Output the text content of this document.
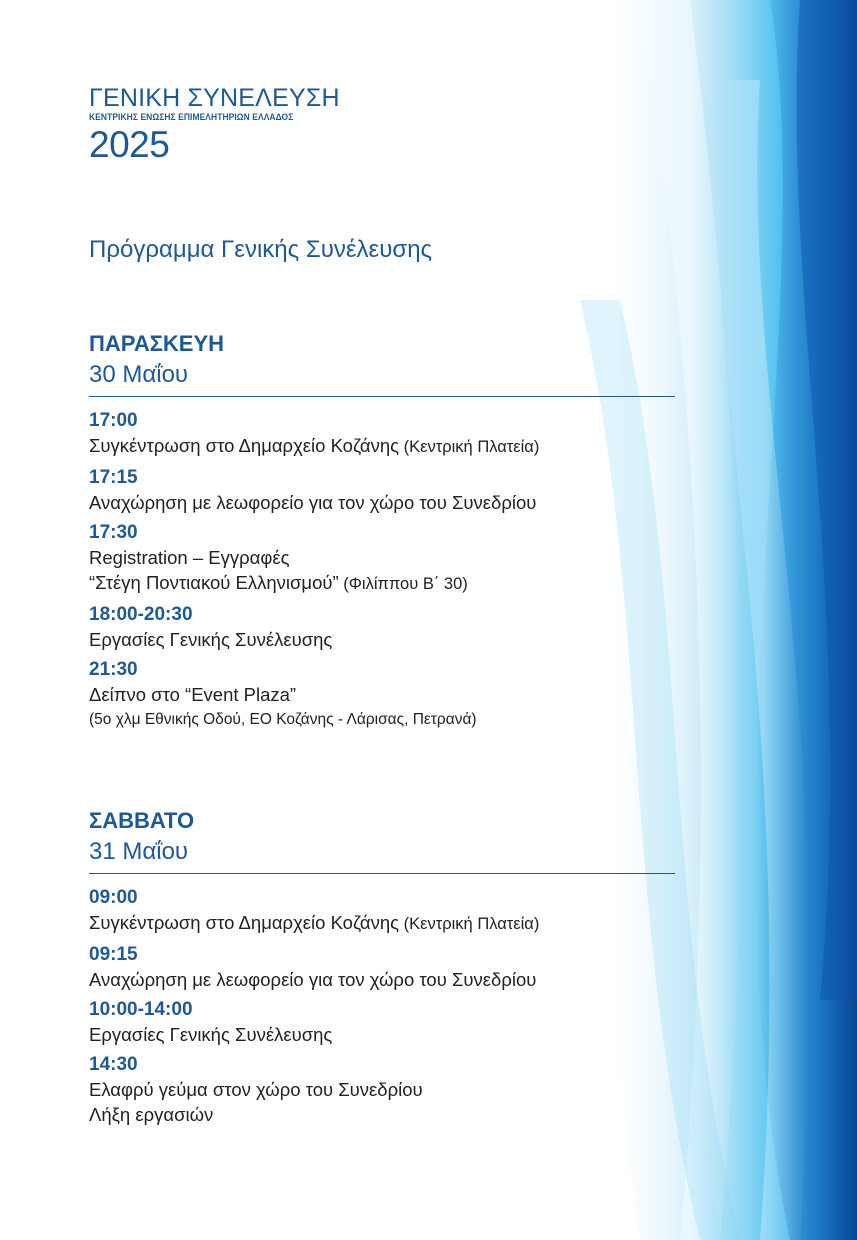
ΓΕΝΙΚΗ ΣΥΝΕΛΕΥΣΗ
ΚΕΝΤΡΙΚΗΣ ΕΝΩΣΗΣ ΕΠΙΜΕΛΗΤΗΡΙΩΝ ΕΛΛΑΔΟΣ
2025
Πρόγραμμα Γενικής Συνέλευσης
ΠΑΡΑΣΚΕΥΗ
30 Μαΐου
17:00
Συγκέντρωση στο Δημαρχείο Κοζάνης (Κεντρική Πλατεία)
17:15
Αναχώρηση με λεωφορείο για τον χώρο του Συνεδρίου
17:30
Registration – Εγγραφές
“Στέγη Ποντιακού Ελληνισμού” (Φιλίππου Β΄ 30)
18:00-20:30
Εργασίες Γενικής Συνέλευσης
21:30
Δείπνο στο “Event Plaza”
(5ο χλμ Εθνικής Οδού, ΕΟ Κοζάνης - Λάρισας, Πετρανά)
ΣΑΒΒΑΤΟ
31 Μαΐου
09:00
Συγκέντρωση στο Δημαρχείο Κοζάνης (Κεντρική Πλατεία)
09:15
Αναχώρηση με λεωφορείο για τον χώρο του Συνεδρίου
10:00-14:00
Εργασίες Γενικής Συνέλευσης
14:30
Ελαφρύ γεύμα στον χώρο του Συνεδρίου
Λήξη εργασιών
